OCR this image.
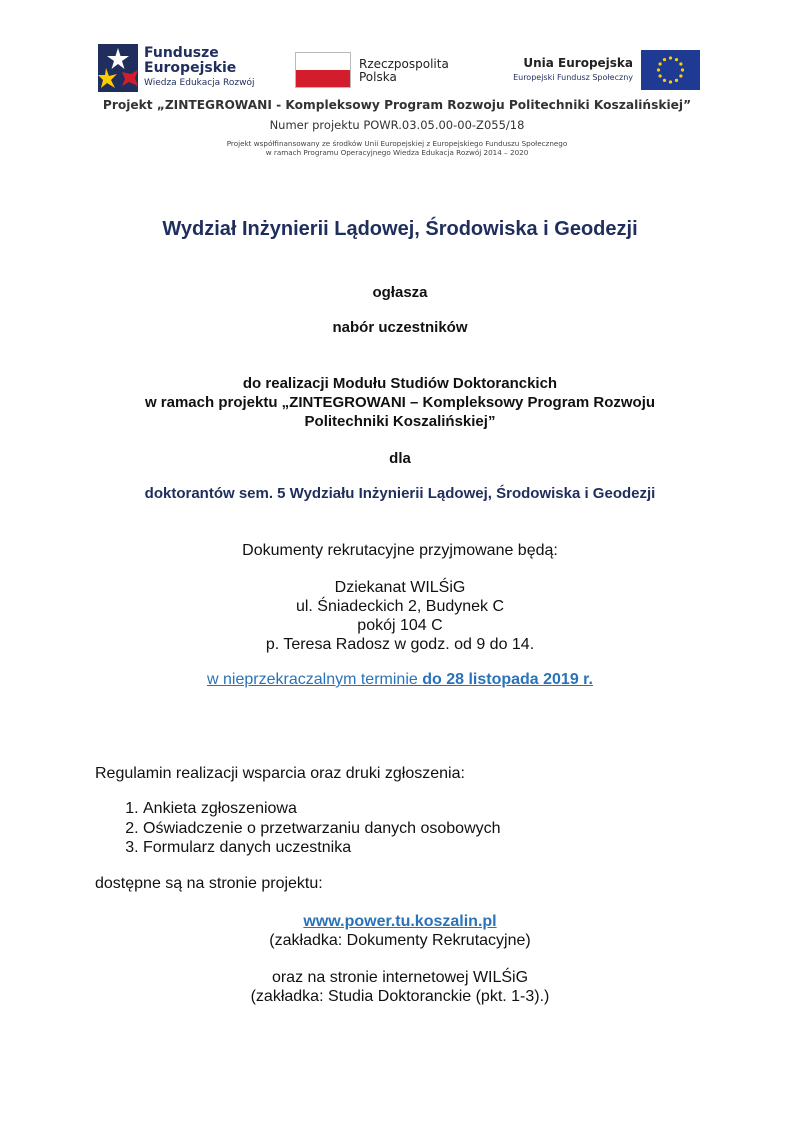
Fundusze
Europejskie
Wiedza Edukacja Rozwój
Rzeczpospolita
Polska
Unia Europejska
Europejski Fundusz Społeczny
Projekt „ZINTEGROWANI - Kompleksowy Program Rozwoju Politechniki Koszalińskiej”
Numer projektu POWR.03.05.00-00-Z055/18
Projekt współfinansowany ze środków Unii Europejskiej z Europejskiego Funduszu Społecznego
w ramach Programu Operacyjnego Wiedza Edukacja Rozwój 2014 – 2020
Wydział Inżynierii Lądowej, Środowiska i Geodezji
ogłasza
nabór uczestników
do realizacji Modułu Studiów Doktoranckich
w ramach projektu „ZINTEGROWANI – Kompleksowy Program Rozwoju
Politechniki Koszalińskiej”
dla
doktorantów sem. 5 Wydziału Inżynierii Lądowej, Środowiska i Geodezji
Dokumenty rekrutacyjne przyjmowane będą:
Dziekanat WILŚiG
ul. Śniadeckich 2, Budynek C
pokój 104 C
p. Teresa Radosz w godz. od 9 do 14.
w nieprzekraczalnym terminie do 28 listopada 2019 r.
Regulamin realizacji wsparcia oraz druki zgłoszenia:
1. Ankieta zgłoszeniowa
2. Oświadczenie o przetwarzaniu danych osobowych
3. Formularz danych uczestnika
dostępne są na stronie projektu:
www.power.tu.koszalin.pl
(zakładka: Dokumenty Rekrutacyjne)
oraz na stronie internetowej WILŚiG
(zakładka: Studia Doktoranckie (pkt. 1-3).)
